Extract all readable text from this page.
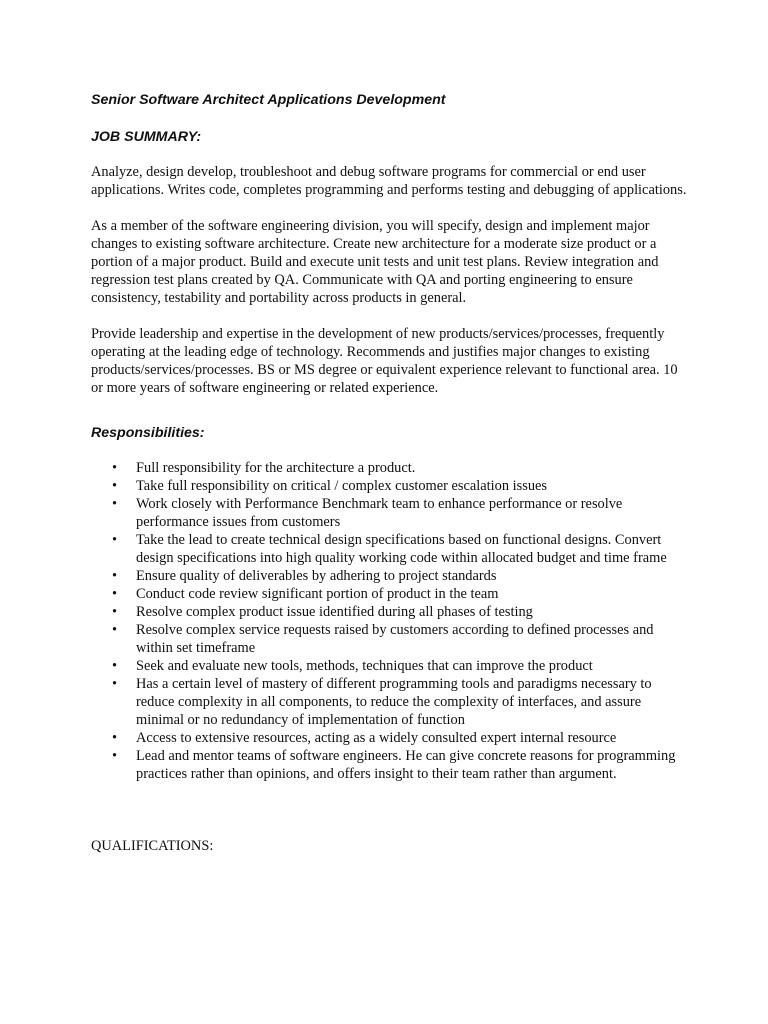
Senior Software Architect Applications Development
JOB SUMMARY:

Analyze, design develop, troubleshoot and debug software programs for commercial or end user applications. Writes code, completes programming and performs testing and debugging of applications.

As a member of the software engineering division, you will specify, design and implement major changes to existing software architecture. Create new architecture for a moderate size product or a portion of a major product. Build and execute unit tests and unit test plans. Review integration and regression test plans created by QA. Communicate with QA and porting engineering to ensure consistency, testability and portability across products in general.

Provide leadership and expertise in the development of new products/services/processes, frequently operating at the leading edge of technology. Recommends and justifies major changes to existing products/services/processes. BS or MS degree or equivalent experience relevant to functional area. 10 or more years of software engineering or related experience.

Responsibilities:
• Full responsibility for the architecture a product.
• Take full responsibility on critical / complex customer escalation issues
• Work closely with Performance Benchmark team to enhance performance or resolve performance issues from customers
• Take the lead to create technical design specifications based on functional designs. Convert design specifications into high quality working code within allocated budget and time frame
• Ensure quality of deliverables by adhering to project standards
• Conduct code review significant portion of product in the team
• Resolve complex product issue identified during all phases of testing
• Resolve complex service requests raised by customers according to defined processes and within set timeframe
• Seek and evaluate new tools, methods, techniques that can improve the product
• Has a certain level of mastery of different programming tools and paradigms necessary to reduce complexity in all components, to reduce the complexity of interfaces, and assure minimal or no redundancy of implementation of function
• Access to extensive resources, acting as a widely consulted expert internal resource
• Lead and mentor teams of software engineers. He can give concrete reasons for programming practices rather than opinions, and offers insight to their team rather than argument.
QUALIFICATIONS:
